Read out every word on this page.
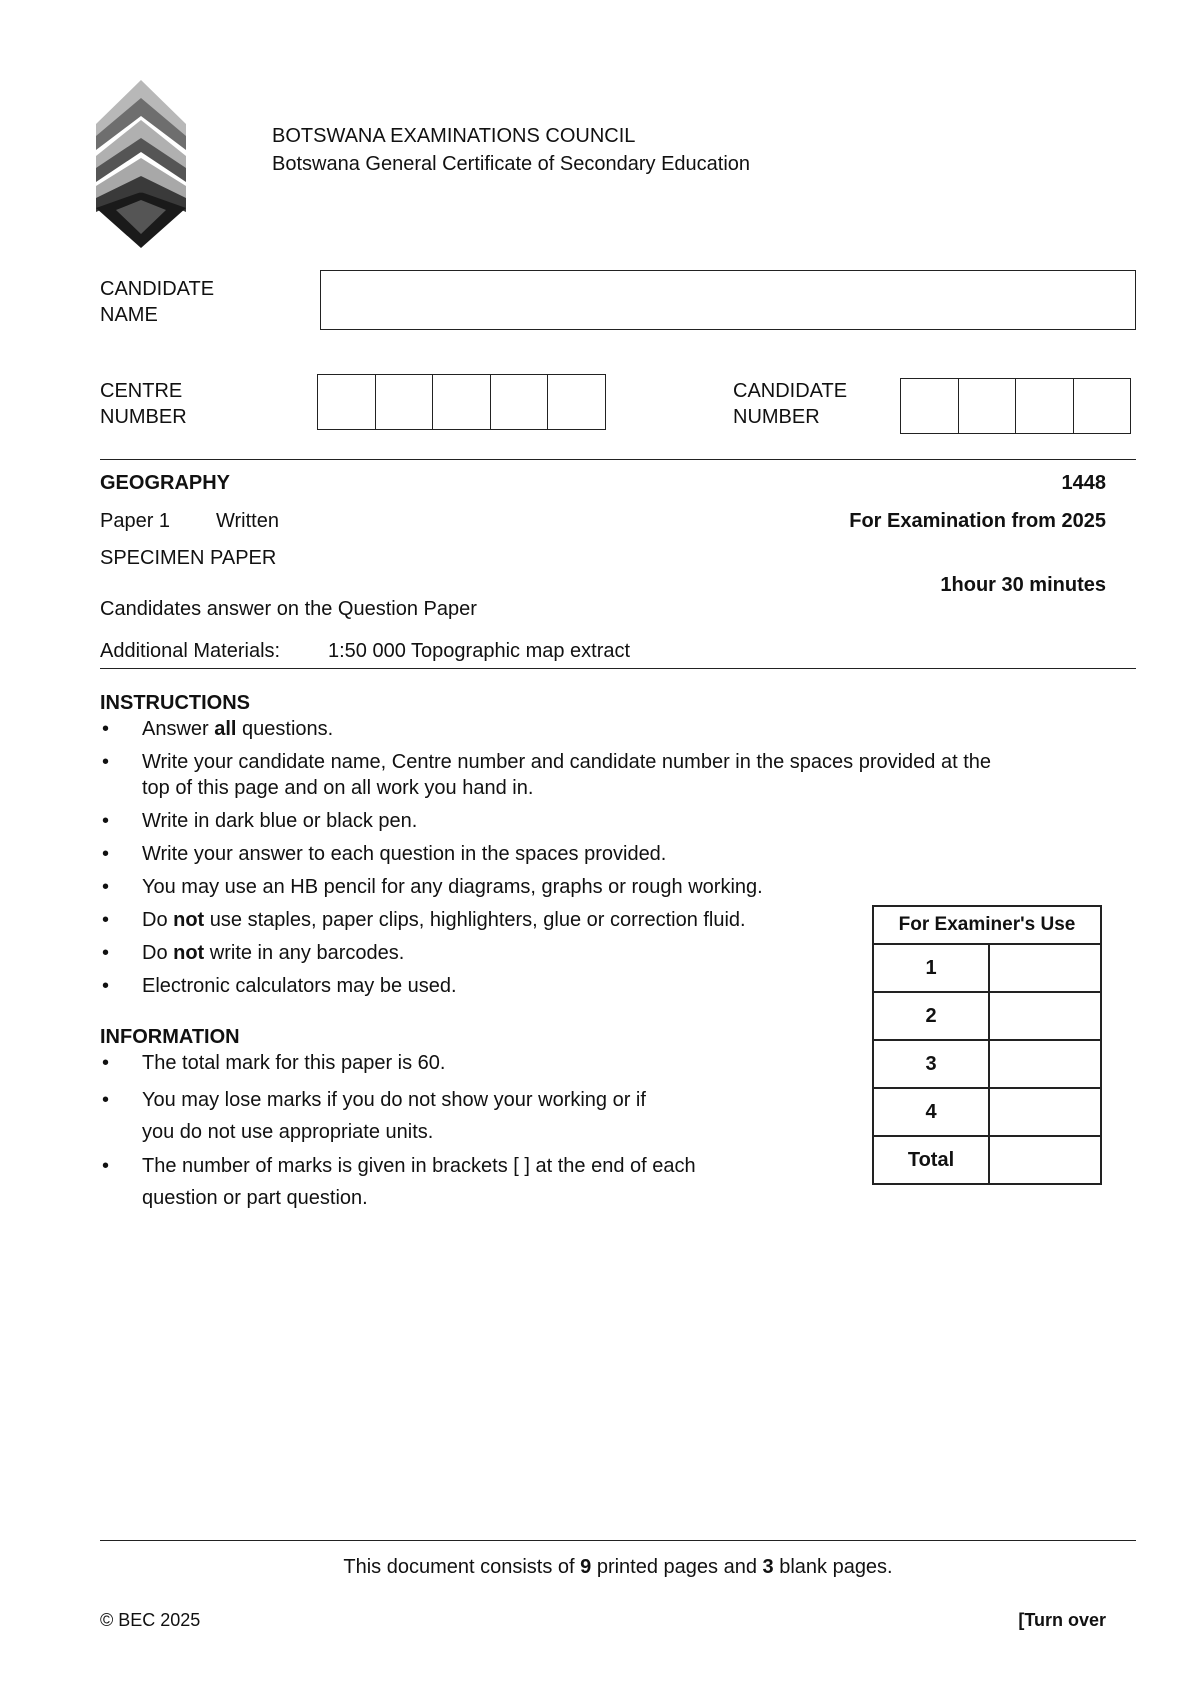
BOTSWANA EXAMINATIONS COUNCIL
Botswana General Certificate of Secondary Education
CANDIDATE
NAME
CENTRE
NUMBER
CANDIDATE
NUMBER
GEOGRAPHY	1448
Paper 1 Written	For Examination from 2025
SPECIMEN PAPER
1hour 30 minutes
Candidates answer on the Question Paper
Additional Materials: 1:50 000 Topographic map extract
INSTRUCTIONS
• Answer all questions.
• Write your candidate name, Centre number and candidate number in the spaces provided at the
top of this page and on all work you hand in.
• Write in dark blue or black pen.
• Write your answer to each question in the spaces provided.
• You may use an HB pencil for any diagrams, graphs or rough working.
• Do not use staples, paper clips, highlighters, glue or correction fluid.
• Do not write in any barcodes.
• Electronic calculators may be used.
INFORMATION
• The total mark for this paper is 60.
• You may lose marks if you do not show your working or if
you do not use appropriate units.
• The number of marks is given in brackets [ ] at the end of each
question or part question.
For Examiner's Use	
1	
2	
3	
4	
Total	
This document consists of 9 printed pages and 3 blank pages.
© BEC 2025	[Turn over
